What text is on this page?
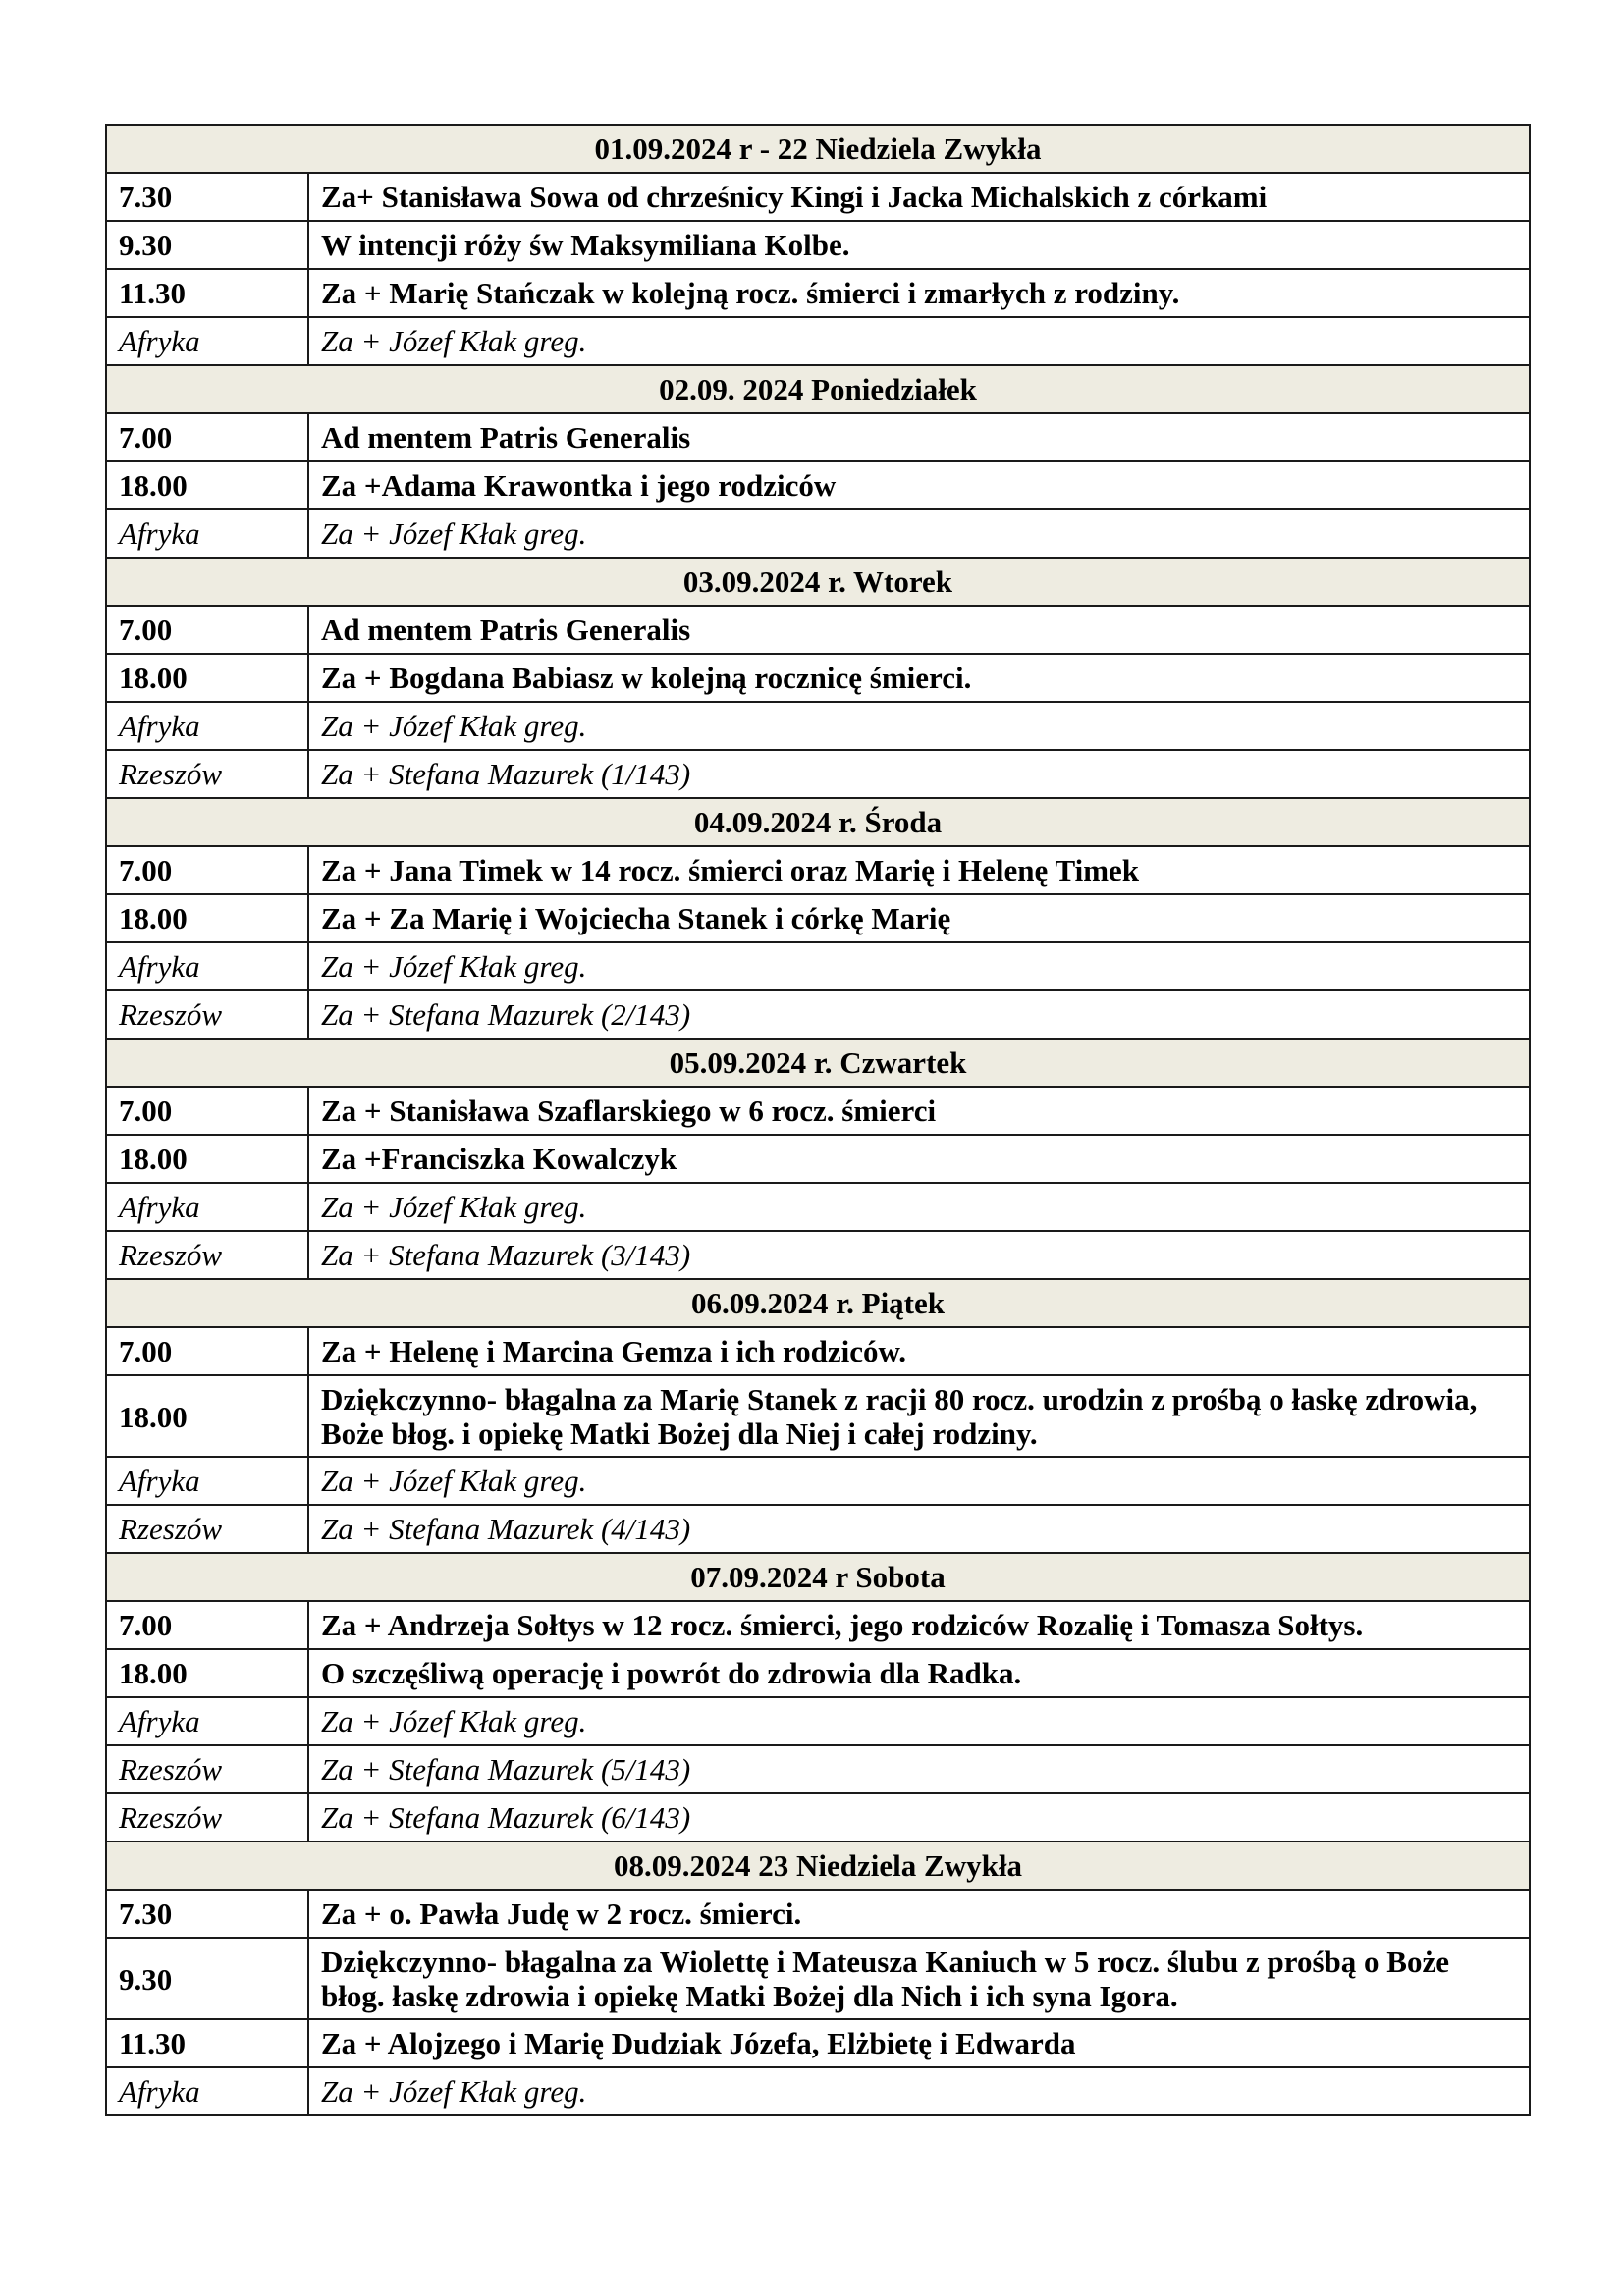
01.09.2024 r - 22 Niedziela Zwykła	
7.30	Za+ Stanisława Sowa od chrześnicy Kingi i Jacka Michalskich z córkami
9.30	W intencji róży św Maksymiliana Kolbe.
11.30	Za + Marię Stańczak w kolejną rocz. śmierci i zmarłych z rodziny.
Afryka	Za + Józef Kłak greg.
02.09. 2024 Poniedziałek	
7.00	Ad mentem Patris Generalis
18.00	Za +Adama Krawontka i jego rodziców
Afryka	Za + Józef Kłak greg.
03.09.2024 r. Wtorek	
7.00	Ad mentem Patris Generalis
18.00	Za + Bogdana Babiasz w kolejną rocznicę śmierci.
Afryka	Za + Józef Kłak greg.
Rzeszów	Za + Stefana Mazurek (1/143)
04.09.2024 r. Środa	
7.00	Za + Jana Timek w 14 rocz. śmierci oraz Marię i Helenę Timek
18.00	Za + Za Marię i Wojciecha Stanek i córkę Marię
Afryka	Za + Józef Kłak greg.
Rzeszów	Za + Stefana Mazurek (2/143)
05.09.2024 r. Czwartek	
7.00	Za + Stanisława Szaflarskiego w 6 rocz. śmierci
18.00	Za +Franciszka Kowalczyk
Afryka	Za + Józef Kłak greg.
Rzeszów	Za + Stefana Mazurek (3/143)
06.09.2024 r. Piątek	
7.00	Za + Helenę i Marcina Gemza i ich rodziców.
18.00	Dziękczynno- błagalna za Marię Stanek z racji 80 rocz. urodzin z prośbą o łaskę zdrowia, Boże błog. i opiekę Matki Bożej dla Niej i całej rodziny.
Afryka	Za + Józef Kłak greg.
Rzeszów	Za + Stefana Mazurek (4/143)
07.09.2024 r Sobota	
7.00	Za + Andrzeja Sołtys w 12 rocz. śmierci, jego rodziców Rozalię i Tomasza Sołtys.
18.00	O szczęśliwą operację i powrót do zdrowia dla Radka.
Afryka	Za + Józef Kłak greg.
Rzeszów	Za + Stefana Mazurek (5/143)
Rzeszów	Za + Stefana Mazurek (6/143)
08.09.2024 23 Niedziela Zwykła	
7.30	Za + o. Pawła Judę w 2 rocz. śmierci.
9.30	Dziękczynno- błagalna za Wiolettę i Mateusza Kaniuch w 5 rocz. ślubu z prośbą o Boże błog. łaskę zdrowia i opiekę Matki Bożej dla Nich i ich syna Igora.
11.30	Za + Alojzego i Marię Dudziak Józefa, Elżbietę i Edwarda
Afryka	Za + Józef Kłak greg.
